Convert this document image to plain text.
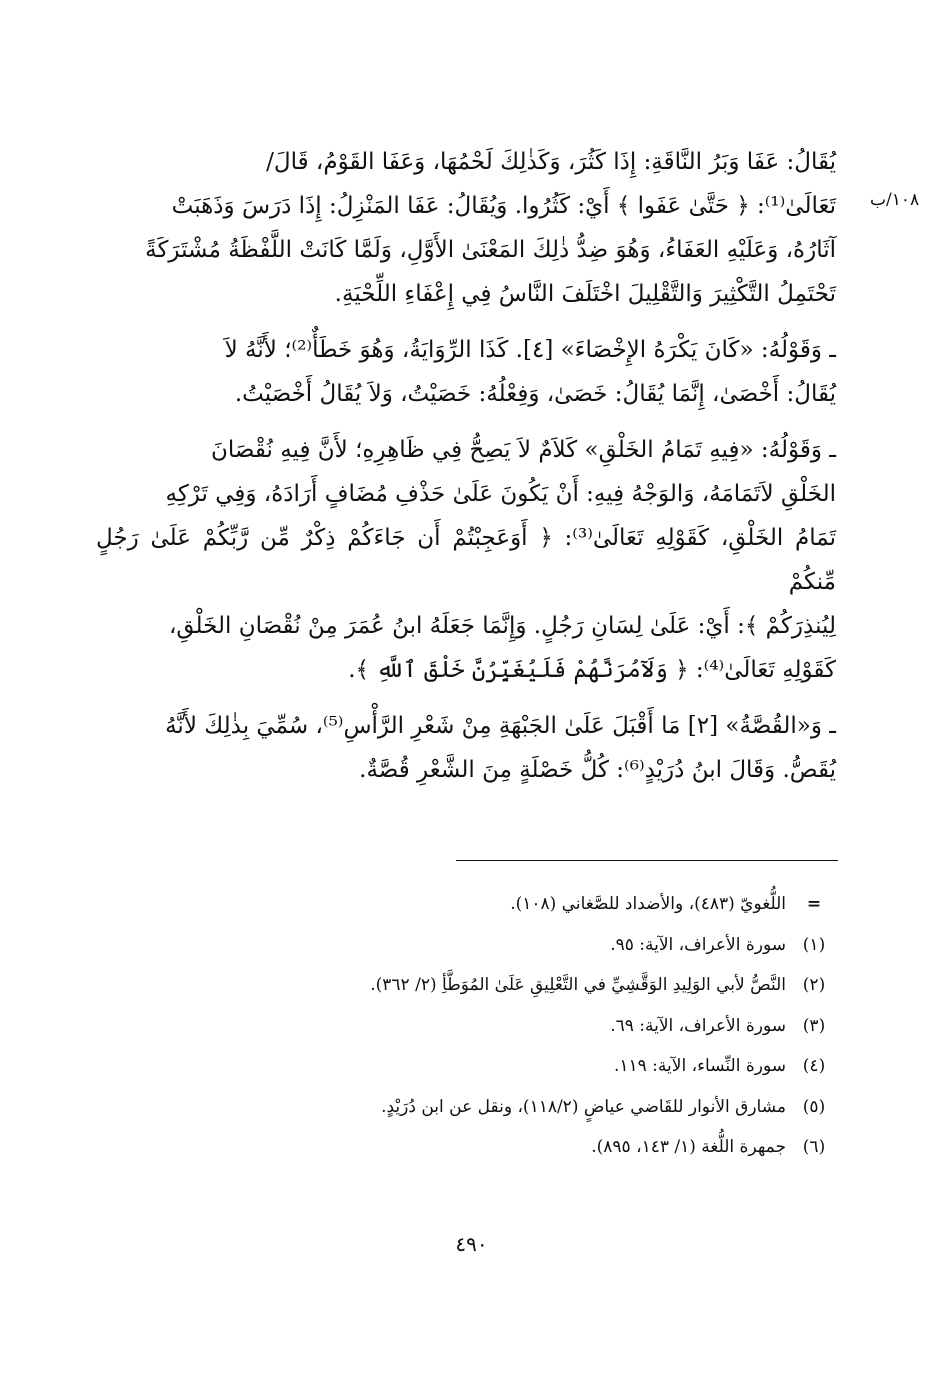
١٠٨/ب
يُقَالُ: عَفَا وَبَرُ النَّاقَةِ: إِذَا كَثُرَ، وَكَذٰلِكَ لَحْمُهَا، وَعَفَا القَوْمُ، قَالَ/
تَعَالَىٰ⁽¹⁾: ﴿ حَتَّىٰ عَفَوا ﴾ أَيْ: كَثُرُوا. وَيُقَالُ: عَفَا المَنْزِلُ: إِذَا دَرَسَ وَذَهَبَتْ
آثَارُهُ، وَعَلَيْهِ العَفَاءُ، وَهُوَ ضِدُّ ذٰلِكَ المَعْنَىٰ الأَوَّلِ، وَلَمَّا كَانَتْ اللَّفْظَةُ مُشْتَرَكَةً
تَحْتَمِلُ التَّكْثِيرَ وَالتَّقْلِيلَ اخْتَلَفَ النَّاسُ فِي إِعْفَاءِ اللِّحْيَةِ.
ـ وَقَوْلُهُ: «كَانَ يَكْرَهُ الإِخْصَاءَ» [٤]. كَذَا الرِّوَايَةُ، وَهُوَ خَطَأٌ⁽²⁾؛ لأَنَّهُ لاَ
يُقَالُ: أَخْصَىٰ، إِنَّمَا يُقَالُ: خَصَىٰ، وَفِعْلُهُ: خَصَيْتُ، وَلاَ يُقَالُ أَخْصَيْتُ.
ـ وَقَوْلُهُ: «فِيهِ تَمَامُ الخَلْقِ» كَلاَمٌ لاَ يَصِحُّ فِي ظَاهِرِهِ؛ لأَنَّ فِيهِ نُقْصَانَ
الخَلْقِ لاَتَمَامَهُ، وَالوَجْهُ فِيهِ: أَنْ يَكُونَ عَلَىٰ حَذْفِ مُضَافٍ أَرَادَهُ، وَفِي تَرْكِهِ
تَمَامُ الخَلْقِ، كَقَوْلِهِ تَعَالَىٰ⁽³⁾: ﴿ أَوَعَجِبْتُمْ أَن جَاءَكُمْ ذِكْرٌ مِّن رَّبِّكُمْ عَلَىٰ رَجُلٍ مِّنكُمْ
لِيُنذِرَكُمْ ﴾: أَيْ: عَلَىٰ لِسَانِ رَجُلٍ. وَإِنَّمَا جَعَلَهُ ابنُ عُمَرَ مِنْ نُقْصَانِ الخَلْقِ،
كَقَوْلِهِ تَعَالَىٰ⁽⁴⁾: ﴿ وَلَآمُرَنَّهُمْ فَلَيُغَيِّرُنَّ خَلْقَ ٱللَّهِ ﴾.
ـ وَ«القُصَّةُ» [٢] مَا أَقْبَلَ عَلَىٰ الجَبْهَةِ مِنْ شَعْرِ الرَّأْسِ⁽⁵⁾، سُمِّيَ بِذٰلِكَ لأَنَّهُ
يُقَصُّ. وَقَالَ ابنُ دُرَيْدٍ⁽⁶⁾: كُلُّ خَصْلَةٍ مِنَ الشَّعْرِ قُصَّةٌ.
=
اللُّغويّ (٤٨٣)، والأضداد للصَّغاني (١٠٨).
(١)
سورة الأعراف، الآية: ٩٥.
(٢)
النَّصُّ لأبي الوَلِيدِ الوَقَّشِيِّ في التَّعْلِيقِ عَلَىٰ المُوَطَّأِ (٢/ ٣٦٢).
(٣)
سورة الأعراف، الآية: ٦٩.
(٤)
سورة النِّساء، الآية: ١١٩.
(٥)
مشارق الأنوار للقَاضي عياضٍ (١١٨/٢)، ونقل عن ابن دُرَيْدٍ.
(٦)
جمهرة اللُّغة (١/ ١٤٣، ٨٩٥).
٤٩٠
